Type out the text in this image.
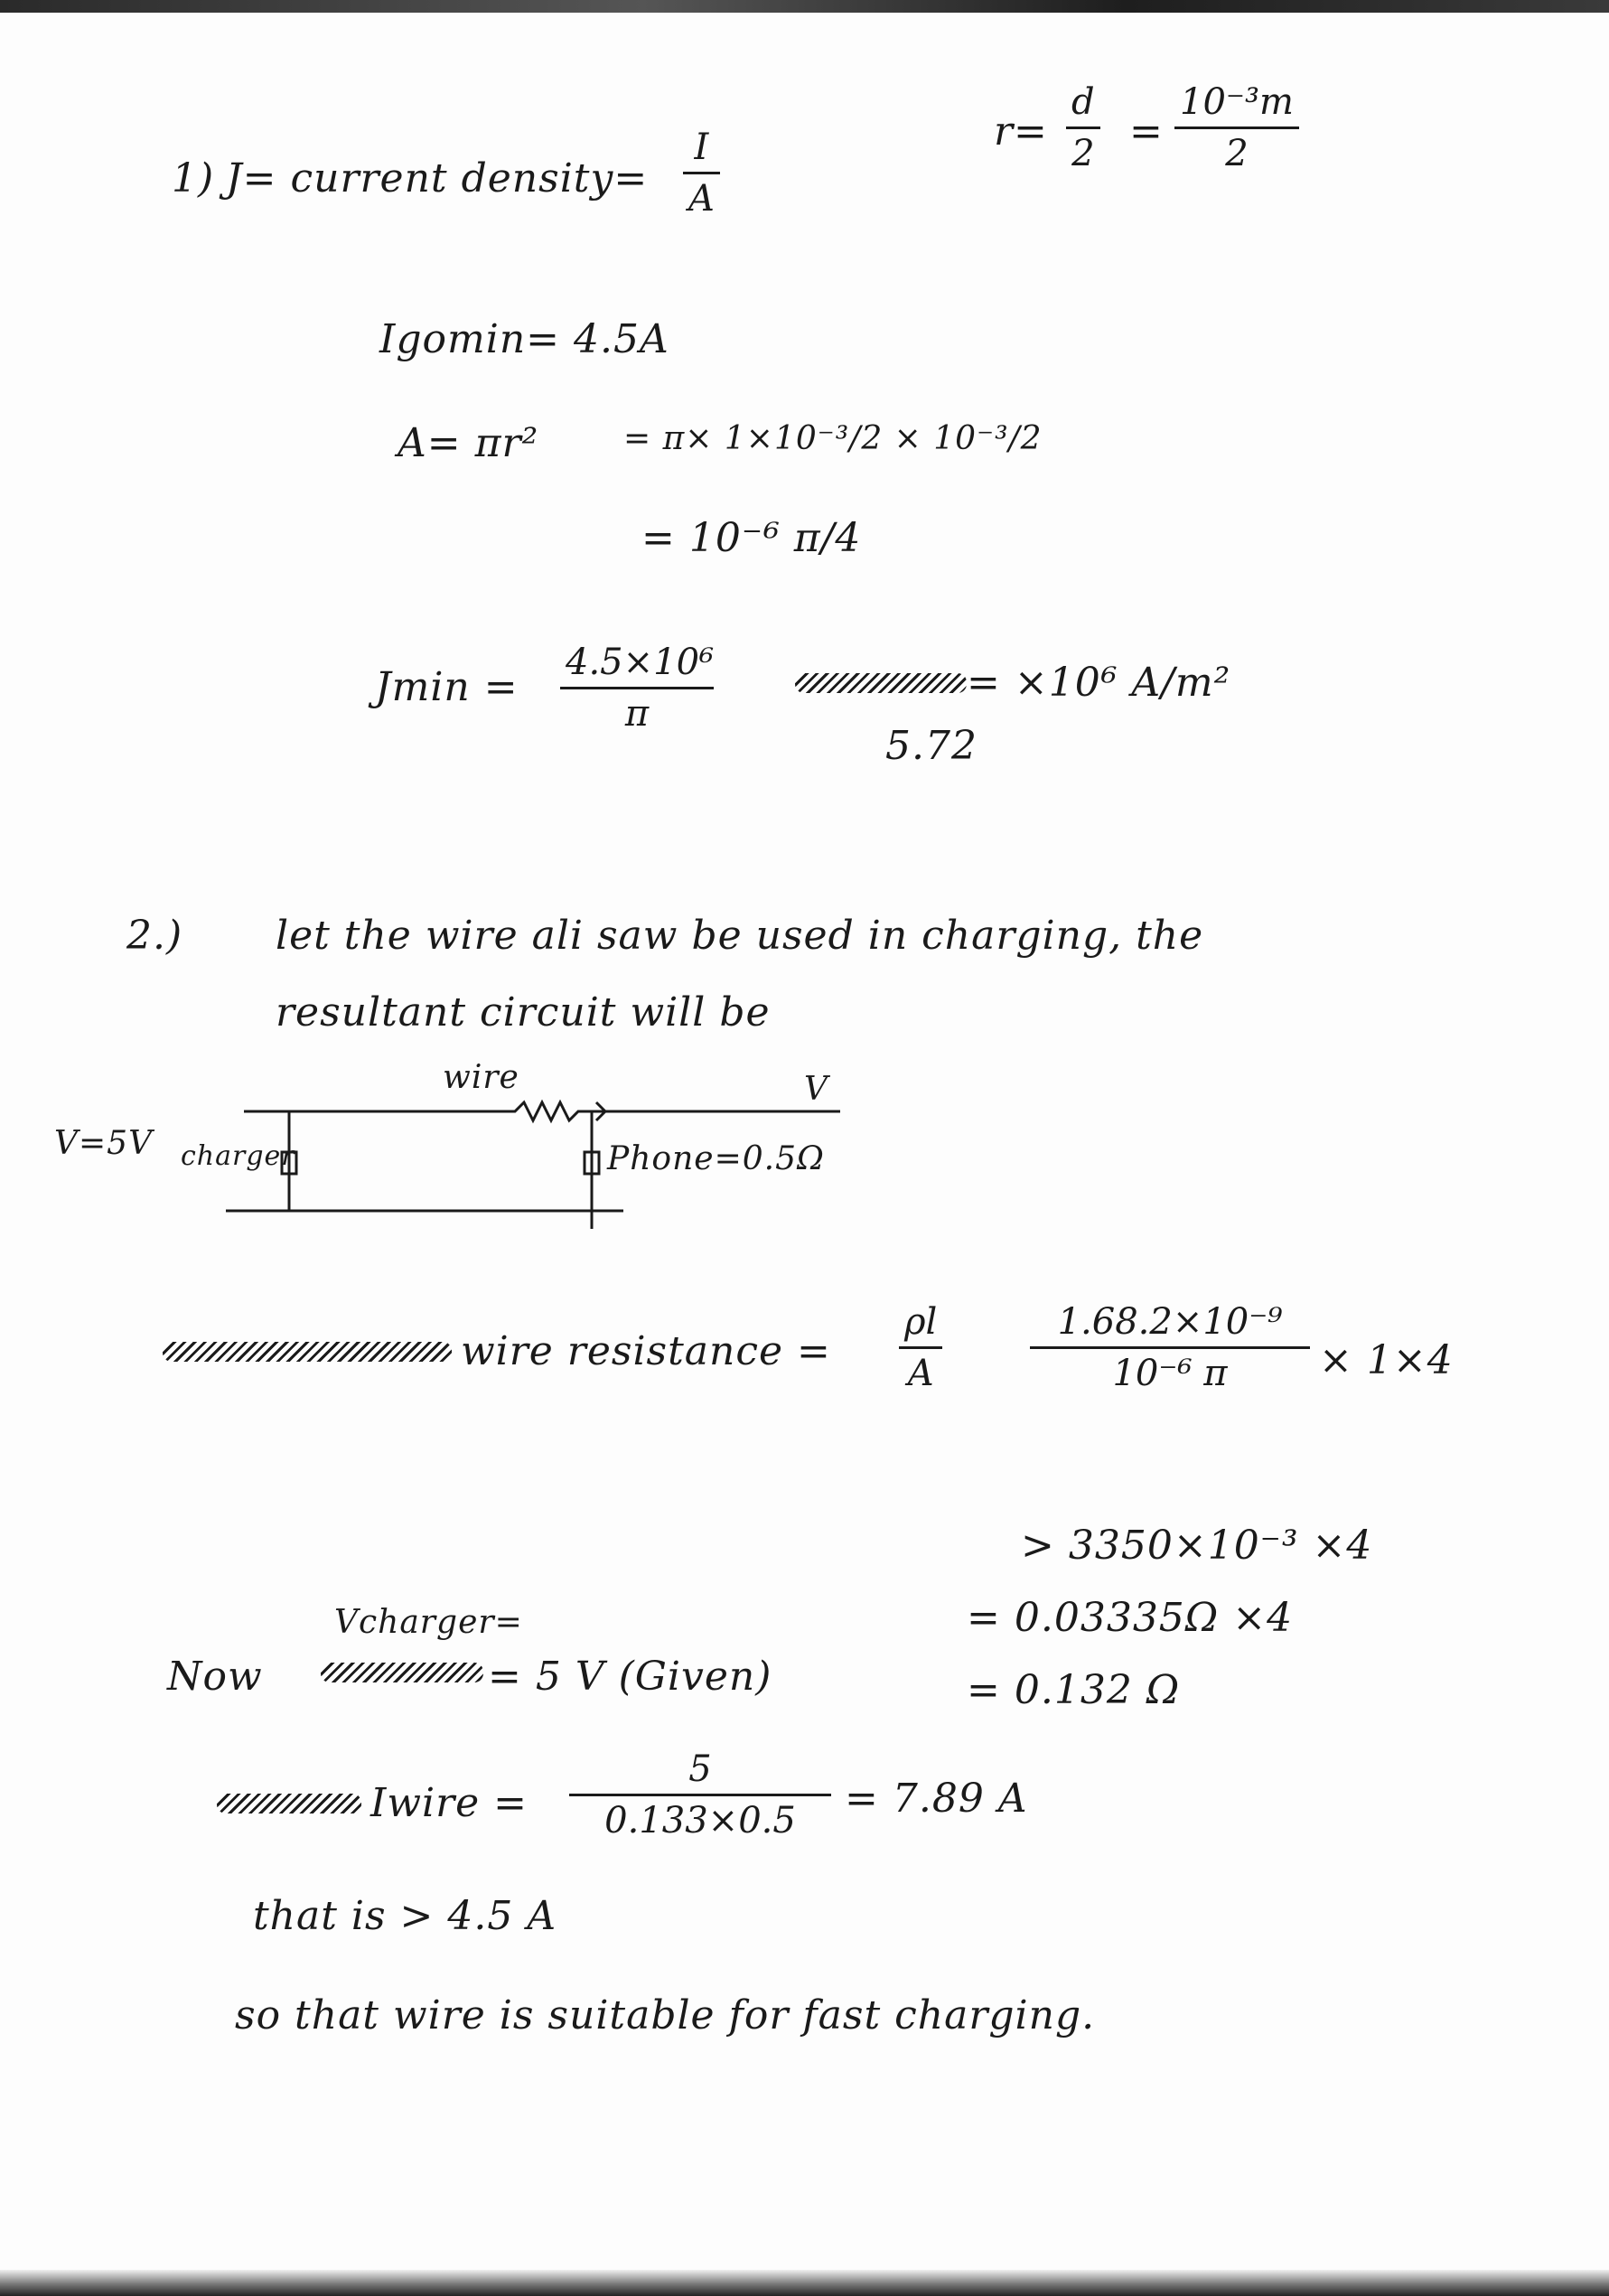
1) J= current density=
I
A
r=
d
2 =
10⁻³m
2
Igomin= 4.5A
A= πr²	= π× 1×10⁻³/2 × 10⁻³/2
= 10⁻⁶ π/4
Jmin =
4.5×10⁶
π
= ×10⁶ A/m²
5.72
2.) let the wire ali saw be used in charging, the
resultant circuit will be
wire
V=5V charger
V
Phone=0.5Ω
wire resistance =
ρl
A
1.68.2×10⁻⁹
10⁻⁶ π	× 1×4
> 3350×10⁻³ ×4
= 0.03335Ω ×4
= 0.132 Ω
Now
Vcharger=
= 5 V (Given)
Iwire =
5
0.133×0.5	= 7.89 A
that is > 4.5 A
so that wire is suitable for fast charging.
